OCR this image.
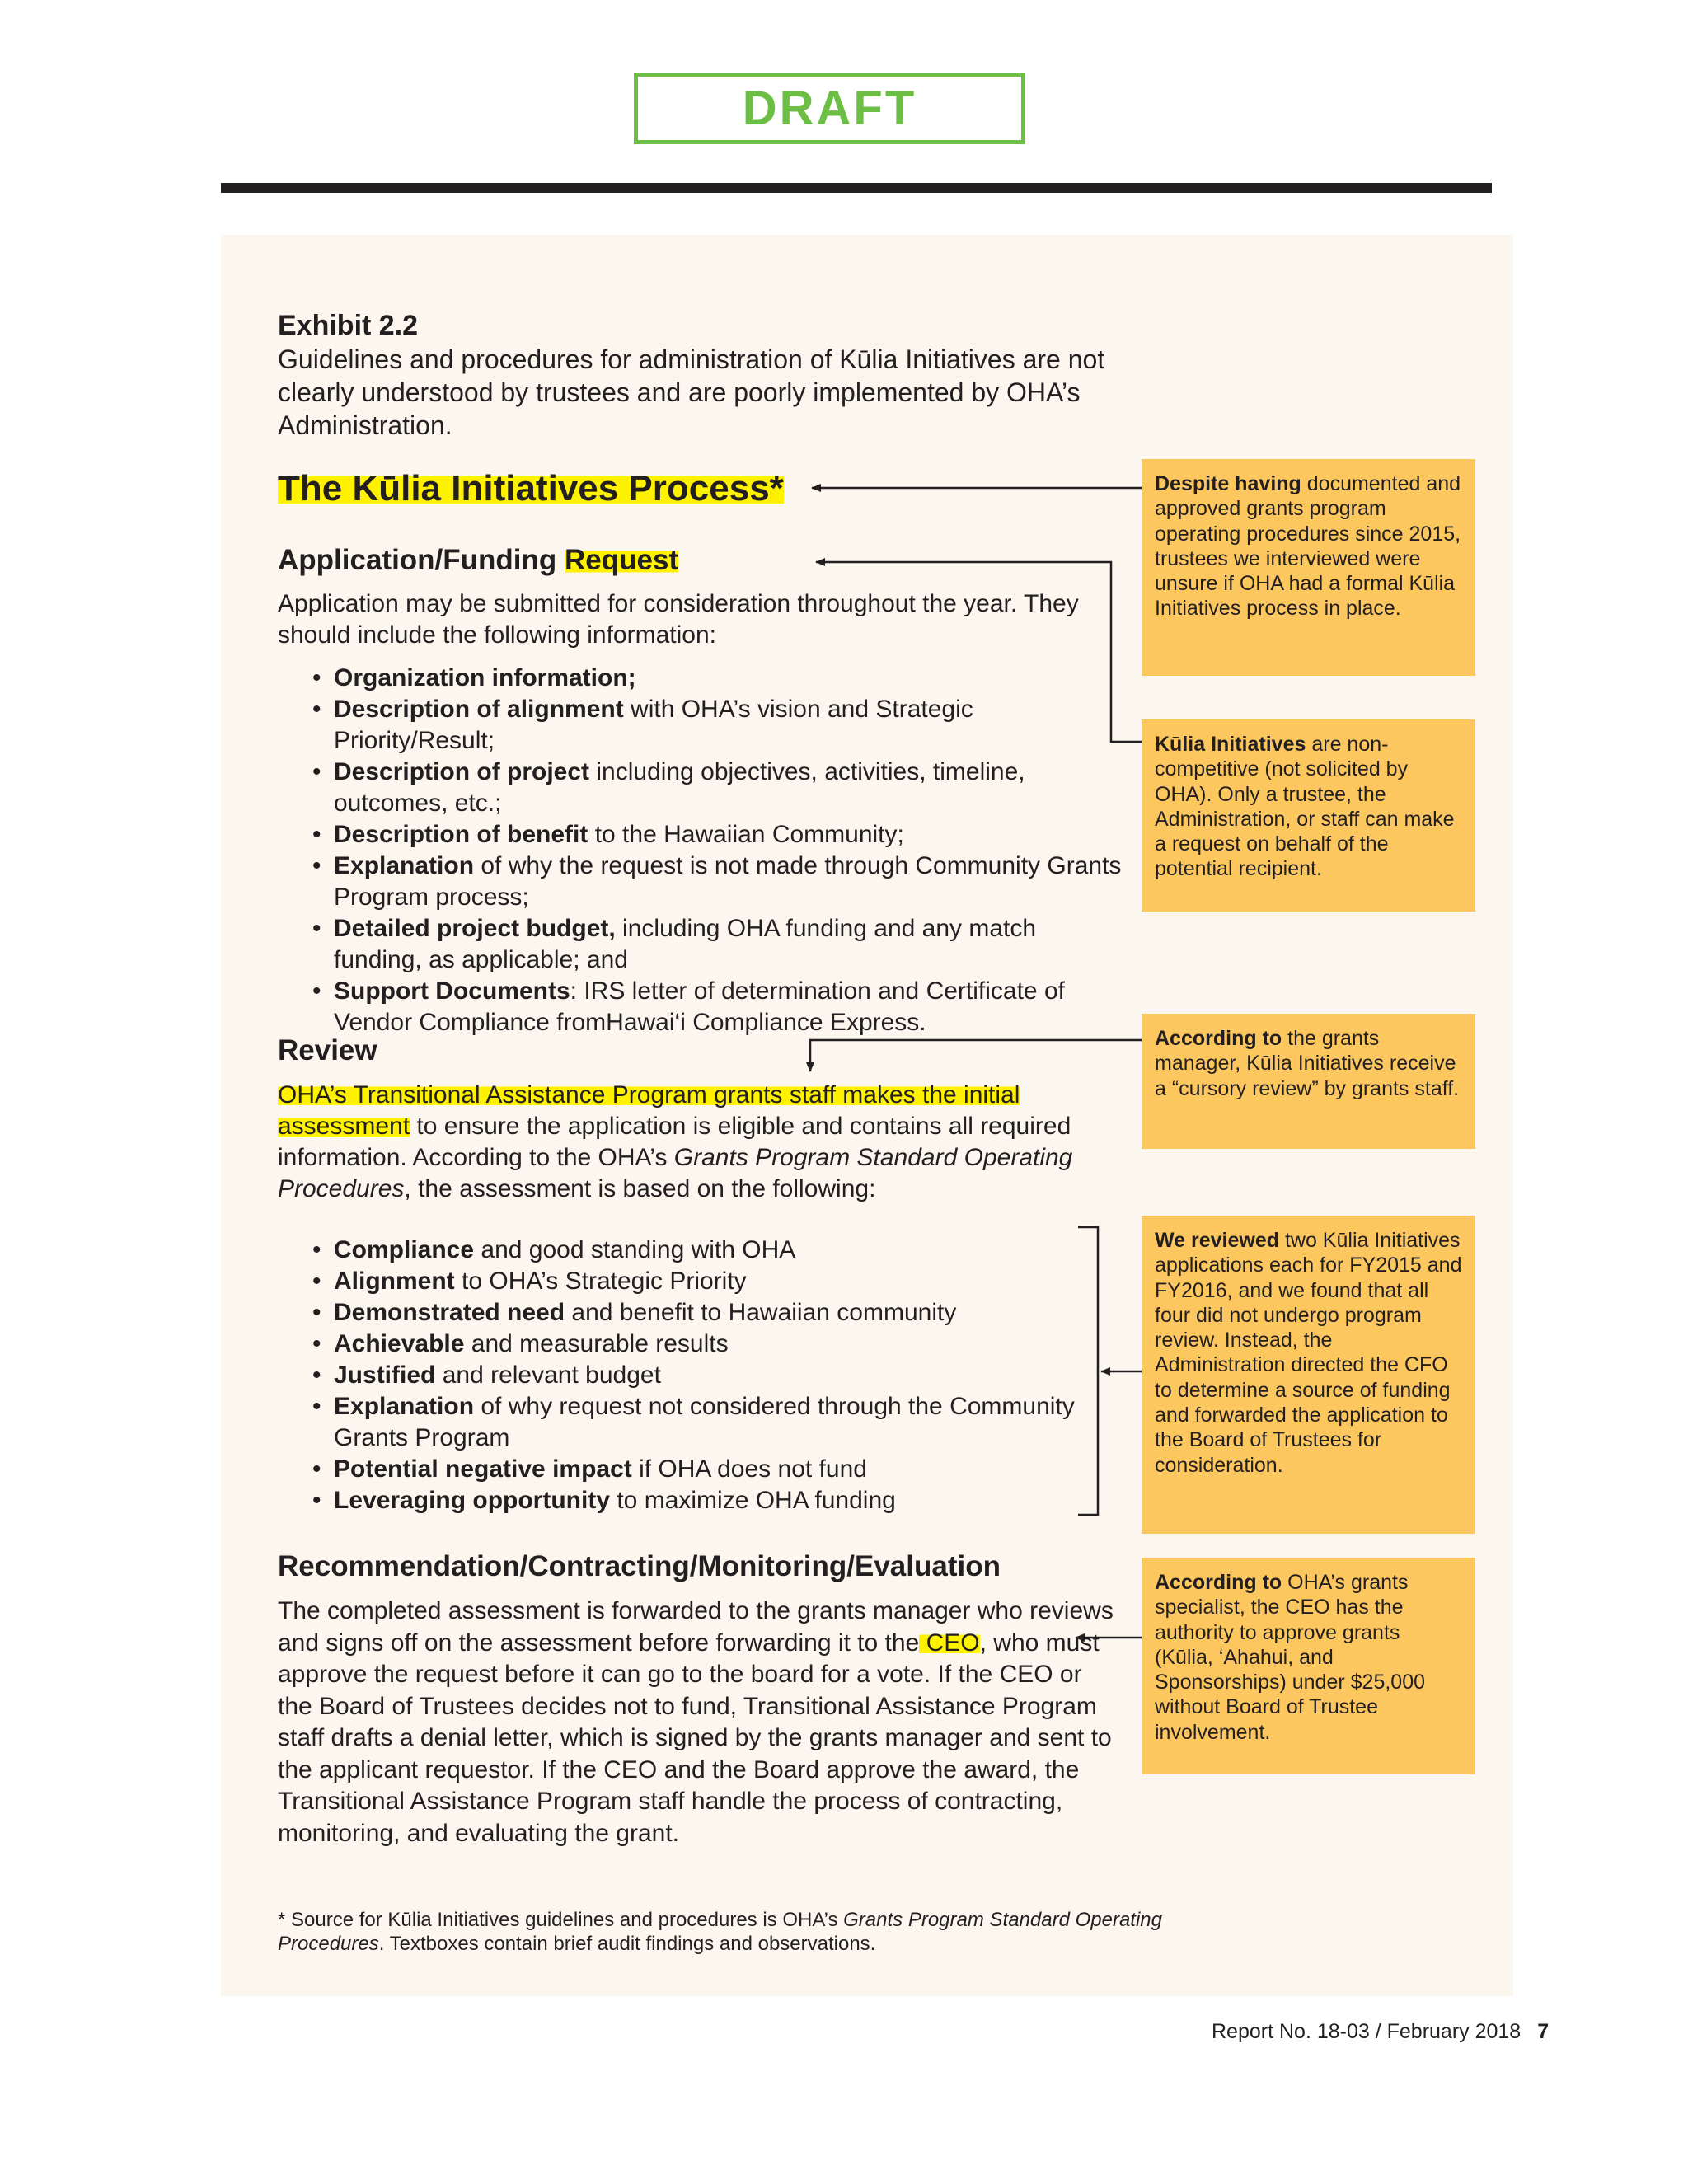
DRAFT
Exhibit 2.2
Guidelines and procedures for administration of Kūlia Initiatives are not clearly understood by trustees and are poorly implemented by OHA’s Administration.
The Kūlia Initiatives Process*
Application/Funding Request
Application may be submitted for consideration throughout the year. They should include the following information:
• Organization information;
• Description of alignment with OHA’s vision and Strategic Priority/Result;
• Description of project including objectives, activities, timeline, outcomes, etc.;
• Description of benefit to the Hawaiian Community;
• Explanation of why the request is not made through Community Grants Program process;
• Detailed project budget, including OHA funding and any match funding, as applicable; and
• Support Documents: IRS letter of determination and Certificate of Vendor Compliance fromHawai‘i Compliance Express.
Review
OHA’s Transitional Assistance Program grants staff makes the initial assessment to ensure the application is eligible and contains all required information. According to the OHA’s Grants Program Standard Operating Procedures, the assessment is based on the following:
• Compliance and good standing with OHA
• Alignment to OHA’s Strategic Priority
• Demonstrated need and benefit to Hawaiian community
• Achievable and measurable results
• Justified and relevant budget
• Explanation of why request not considered through the Community Grants Program
• Potential negative impact if OHA does not fund
• Leveraging opportunity to maximize OHA funding
Recommendation/Contracting/Monitoring/Evaluation
The completed assessment is forwarded to the grants manager who reviews and signs off on the assessment before forwarding it to the CEO, who must approve the request before it can go to the board for a vote. If the CEO or the Board of Trustees decides not to fund, Transitional Assistance Program staff drafts a denial letter, which is signed by the grants manager and sent to the applicant requestor. If the CEO and the Board approve the award, the Transitional Assistance Program staff handle the process of contracting, monitoring, and evaluating the grant.
* Source for Kūlia Initiatives guidelines and procedures is OHA’s Grants Program Standard Operating Procedures. Textboxes contain brief audit findings and observations.
Report No. 18-03 / February 2018 7
Despite having documented and approved grants program operating procedures since 2015, trustees we interviewed were unsure if OHA had a formal Kūlia Initiatives process in place.
Kūlia Initiatives are non-competitive (not solicited by OHA). Only a trustee, the Administration, or staff can make a request on behalf of the potential recipient.
According to the grants manager, Kūlia Initiatives receive a “cursory review” by grants staff.
We reviewed two Kūlia Initiatives applications each for FY2015 and FY2016, and we found that all four did not undergo program review. Instead, the Administration directed the CFO to determine a source of funding and forwarded the application to the Board of Trustees for consideration.
According to OHA’s grants specialist, the CEO has the authority to approve grants (Kūlia, ‘Ahahui, and Sponsorships) under $25,000 without Board of Trustee involvement.
